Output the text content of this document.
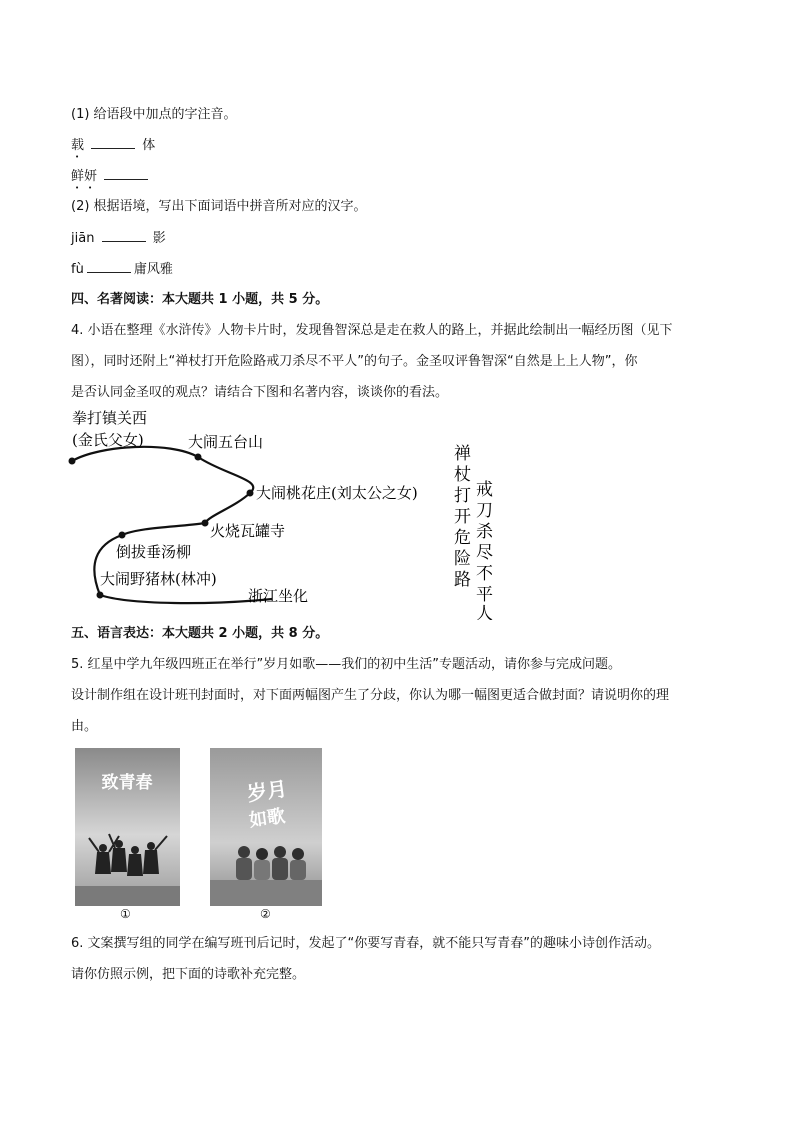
(1) 给语段中加点的字注音。
载	体
鲜妍
(2) 根据语境，写出下面词语中拼音所对应的汉字。
jiān	影
fù	庸风雅
四、名著阅读：本大题共 1 小题，共 5 分。
4. 小语在整理《水浒传》人物卡片时，发现鲁智深总是走在救人的路上，并据此绘制出一幅经历图（见下
图），同时还附上“禅杖打开危险路戒刀杀尽不平人”的句子。金圣叹评鲁智深“自然是上上人物”，你
是否认同金圣叹的观点？请结合下图和名著内容，谈谈你的看法。
拳打镇关西
(金氏父女)	大闹五台山
大闹桃花庄(刘太公之女)
火烧瓦罐寺
倒拔垂汤柳
大闹野猪林(林冲)
浙江坐化
禅
杖
打
开
危
险
路
戒
刀
杀
尽
不
平
人
五、语言表达：本大题共 2 小题，共 8 分。
5. 红星中学九年级四班正在举行”岁月如歌——我们的初中生活”专题活动，请你参与完成问题。
设计制作组在设计班刊封面时，对下面两幅图产生了分歧，你认为哪一幅图更适合做封面？请说明你的理
由。
致青春
①
岁月
如歌
②
6. 文案撰写组的同学在编写班刊后记时，发起了“你要写青春，就不能只写青春”的趣味小诗创作活动。
请你仿照示例，把下面的诗歌补充完整。
